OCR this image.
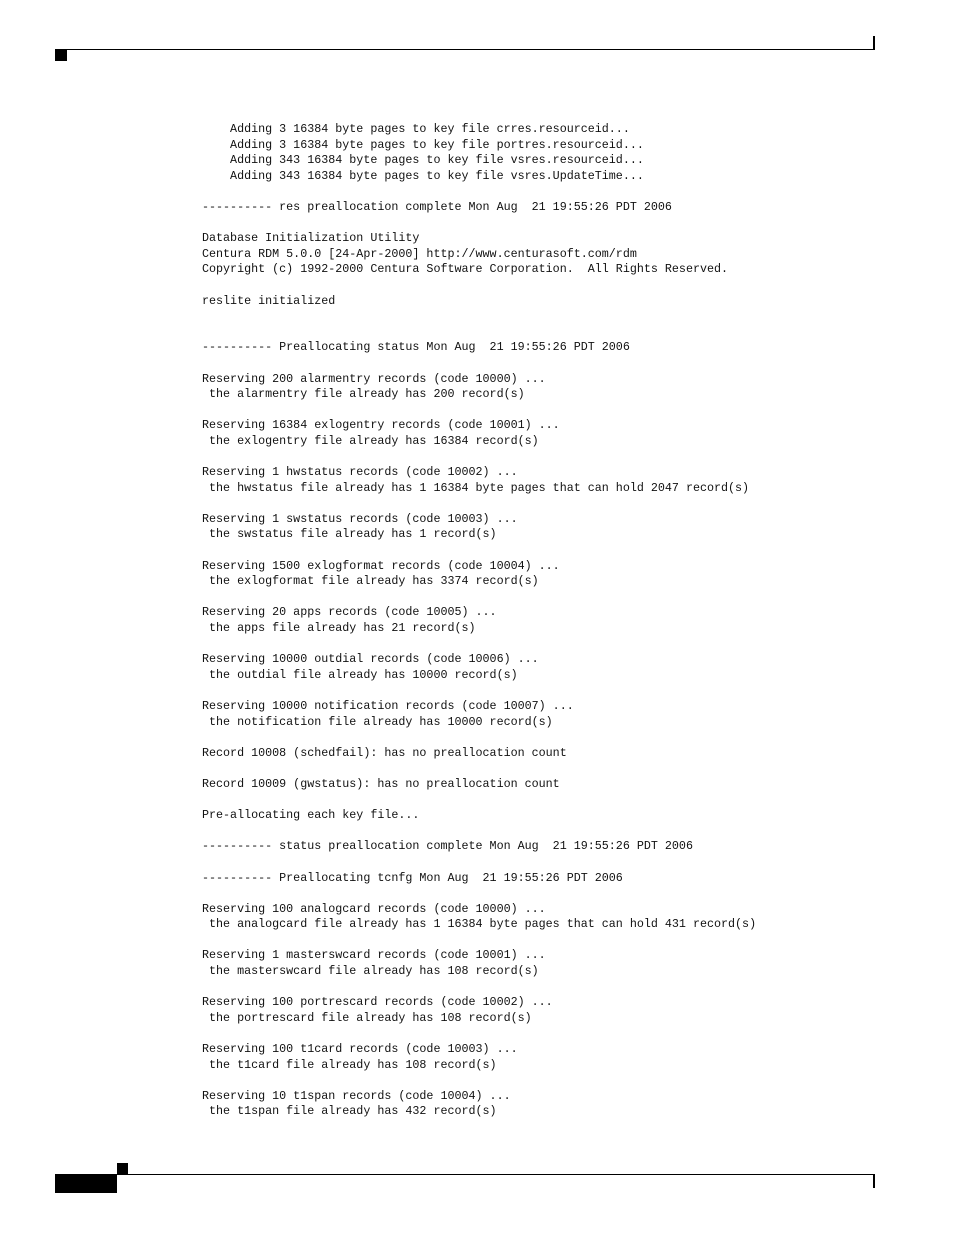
Adding 3 16384 byte pages to key file crres.resourceid...
Adding 3 16384 byte pages to key file portres.resourceid...
Adding 343 16384 byte pages to key file vsres.resourceid...
Adding 343 16384 byte pages to key file vsres.UpdateTime...
---------- res preallocation complete Mon Aug  21 19:55:26 PDT 2006
Database Initialization Utility
Centura RDM 5.0.0 [24-Apr-2000] http://www.centurasoft.com/rdm
Copyright (c) 1992-2000 Centura Software Corporation.  All Rights Reserved.
reslite initialized
---------- Preallocating status Mon Aug  21 19:55:26 PDT 2006
Reserving 200 alarmentry records (code 10000) ...
the alarmentry file already has 200 record(s)
Reserving 16384 exlogentry records (code 10001) ...
the exlogentry file already has 16384 record(s)
Reserving 1 hwstatus records (code 10002) ...
the hwstatus file already has 1 16384 byte pages that can hold 2047 record(s)
Reserving 1 swstatus records (code 10003) ...
the swstatus file already has 1 record(s)
Reserving 1500 exlogformat records (code 10004) ...
the exlogformat file already has 3374 record(s)
Reserving 20 apps records (code 10005) ...
the apps file already has 21 record(s)
Reserving 10000 outdial records (code 10006) ...
the outdial file already has 10000 record(s)
Reserving 10000 notification records (code 10007) ...
the notification file already has 10000 record(s)
Record 10008 (schedfail): has no preallocation count
Record 10009 (gwstatus): has no preallocation count
Pre-allocating each key file...
---------- status preallocation complete Mon Aug  21 19:55:26 PDT 2006
---------- Preallocating tcnfg Mon Aug  21 19:55:26 PDT 2006
Reserving 100 analogcard records (code 10000) ...
the analogcard file already has 1 16384 byte pages that can hold 431 record(s)
Reserving 1 masterswcard records (code 10001) ...
the masterswcard file already has 108 record(s)
Reserving 100 portrescard records (code 10002) ...
the portrescard file already has 108 record(s)
Reserving 100 t1card records (code 10003) ...
the t1card file already has 108 record(s)
Reserving 10 t1span records (code 10004) ...
the t1span file already has 432 record(s)
